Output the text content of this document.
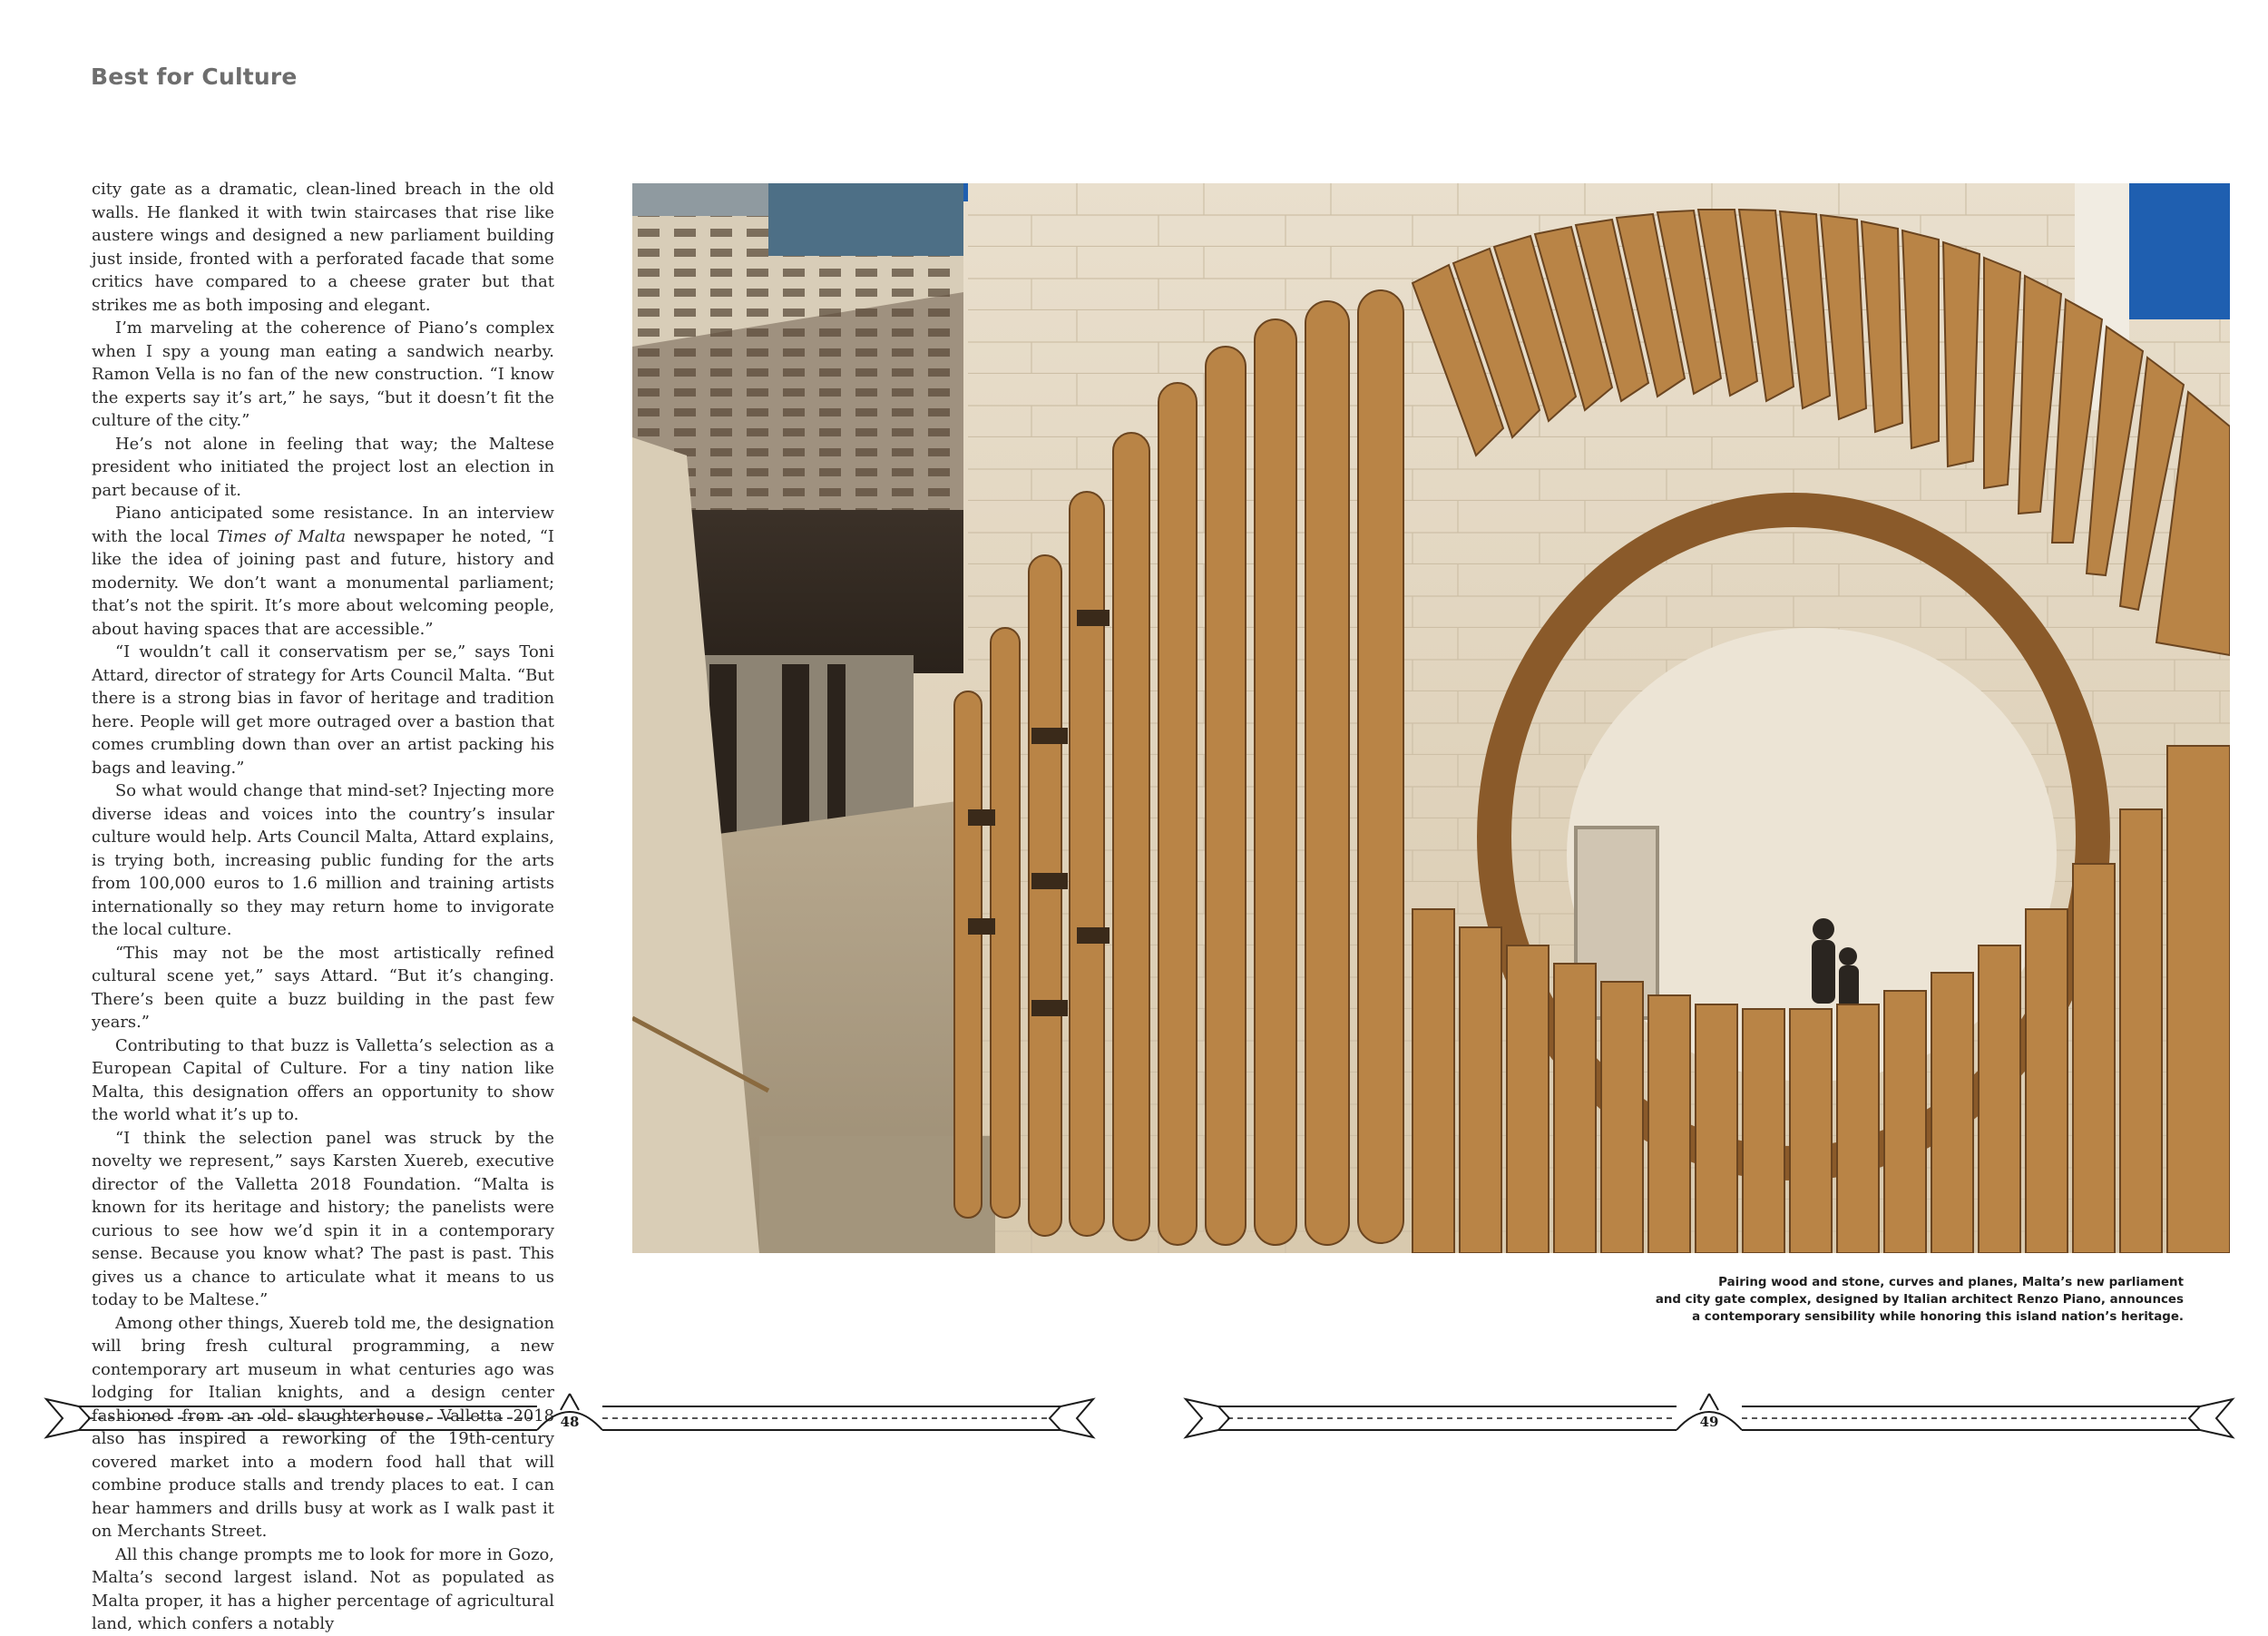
Best for Culture

city gate as a dramatic, clean-lined breach in the old walls. He flanked it with twin staircases that rise like austere wings and designed a new parliament building just inside, fronted with a perforated facade that some critics have compared to a cheese grater but that strikes me as both imposing and elegant.

I’m marveling at the coherence of Piano’s complex when I spy a young man eating a sandwich nearby. Ramon Vella is no fan of the new construction. “I know the experts say it’s art,” he says, “but it doesn’t fit the culture of the city.”

He’s not alone in feeling that way; the Maltese president who initiated the project lost an election in part because of it.

Piano anticipated some resistance. In an interview with the local Times of Malta newspaper he noted, “I like the idea of joining past and future, history and modernity. We don’t want a monumental parliament; that’s not the spirit. It’s more about welcoming people, about having spaces that are accessible.”

“I wouldn’t call it conservatism per se,” says Toni Attard, director of strategy for Arts Council Malta. “But there is a strong bias in favor of heritage and tradition here. People will get more outraged over a bastion that comes crumbling down than over an artist packing his bags and leaving.”

So what would change that mind-set? Injecting more diverse ideas and voices into the country’s insular culture would help. Arts Council Malta, Attard explains, is trying both, increasing public funding for the arts from 100,000 euros to 1.6 million and training artists internationally so they may return home to invigorate the local culture.

“This may not be the most artistically refined cultural scene yet,” says Attard. “But it’s changing. There’s been quite a buzz building in the past few years.”

Contributing to that buzz is Valletta’s selection as a European Capital of Culture. For a tiny nation like Malta, this designation offers an opportunity to show the world what it’s up to.

“I think the selection panel was struck by the novelty we represent,” says Karsten Xuereb, executive director of the Valletta 2018 Foundation. “Malta is known for its heritage and history; the panelists were curious to see how we’d spin it in a contemporary sense. Because you know what? The past is past. This gives us a chance to articulate what it means to us today to be Maltese.”

Among other things, Xuereb told me, the designation will bring fresh cultural programming, a new contemporary art museum in what centuries ago was lodging for Italian knights, and a design center fashioned from an old slaughterhouse. Valletta 2018 also has inspired a reworking of the 19th-century covered market into a modern food hall that will combine produce stalls and trendy places to eat. I can hear hammers and drills busy at work as I walk past it on Merchants Street.

All this change prompts me to look for more in Gozo, Malta’s second largest island. Not as populated as Malta proper, it has a higher percentage of agricultural land, which confers a notably

Pairing wood and stone, curves and planes, Malta’s new parliament
and city gate complex, designed by Italian architect Renzo Piano, announces
a contemporary sensibility while honoring this island nation’s heritage.

48	49
